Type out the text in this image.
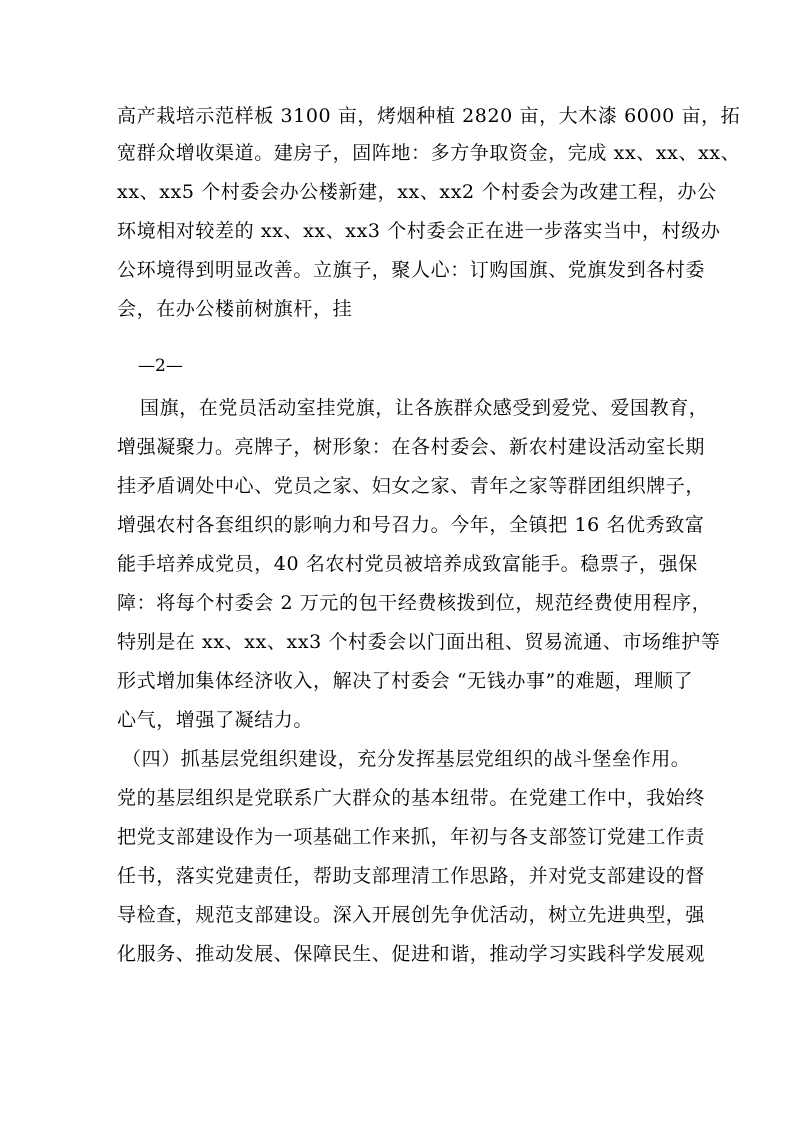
高产栽培示范样板 3100 亩，烤烟种植 2820 亩，大木漆 6000 亩，拓
宽群众增收渠道。建房子，固阵地：多方争取资金，完成 xx、xx、xx、
xx、xx5 个村委会办公楼新建，xx、xx2 个村委会为改建工程，办公
环境相对较差的 xx、xx、xx3 个村委会正在进一步落实当中，村级办
公环境得到明显改善。立旗子，聚人心：订购国旗、党旗发到各村委
会，在办公楼前树旗杆，挂
—2—
国旗，在党员活动室挂党旗，让各族群众感受到爱党、爱国教育，
增强凝聚力。亮牌子，树形象：在各村委会、新农村建设活动室长期
挂矛盾调处中心、党员之家、妇女之家、青年之家等群团组织牌子，
增强农村各套组织的影响力和号召力。今年，全镇把 16 名优秀致富
能手培养成党员，40 名农村党员被培养成致富能手。稳票子，强保
障：将每个村委会 2 万元的包干经费核拨到位，规范经费使用程序，
特别是在 xx、xx、xx3 个村委会以门面出租、贸易流通、市场维护等
形式增加集体经济收入，解决了村委会 “无钱办事”的难题，理顺了
心气，增强了凝结力。
（四）抓基层党组织建设，充分发挥基层党组织的战斗堡垒作用。
党的基层组织是党联系广大群众的基本纽带。在党建工作中，我始终
把党支部建设作为一项基础工作来抓，年初与各支部签订党建工作责
任书，落实党建责任，帮助支部理清工作思路，并对党支部建设的督
导检查，规范支部建设。深入开展创先争优活动，树立先进典型，强
化服务、推动发展、保障民生、促进和谐，推动学习实践科学发展观
